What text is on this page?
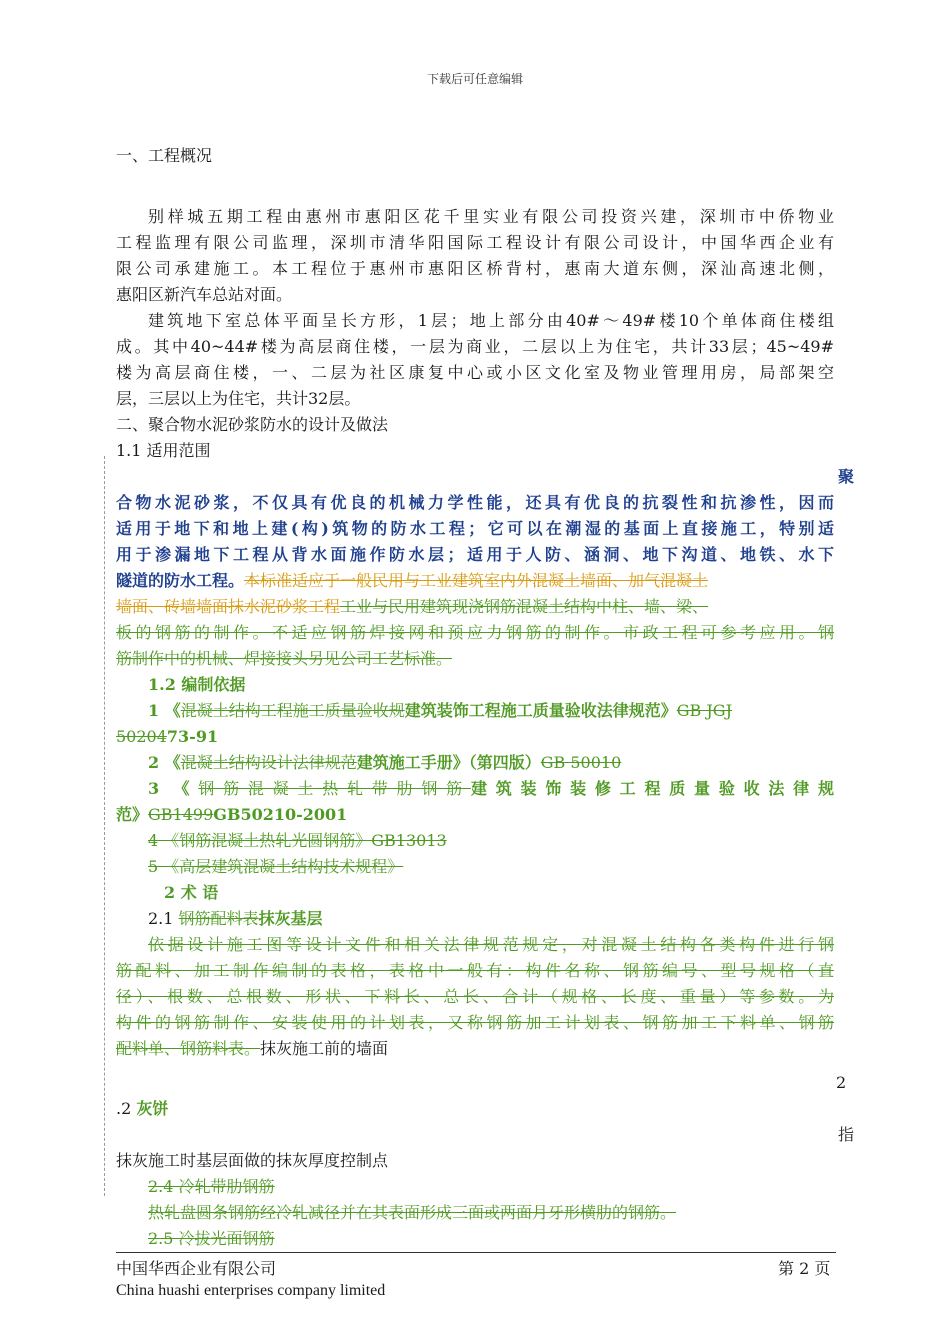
下载后可任意编辑
一、工程概况
别样城五期工程由惠州市惠阳区花千里实业有限公司投资兴建，深圳市中侨物业
工程监理有限公司监理，深圳市清华阳国际工程设计有限公司设计，中国华西企业有
限公司承建施工。本工程位于惠州市惠阳区桥背村，惠南大道东侧，深汕高速北侧，
惠阳区新汽车总站对面。
建筑地下室总体平面呈长方形，1层；地上部分由40#～49#楼10个单体商住楼组
成。其中40~44#楼为高层商住楼，一层为商业，二层以上为住宅，共计33层；45~49#
楼为高层商住楼，一、二层为社区康复中心或小区文化室及物业管理用房，局部架空
层，三层以上为住宅，共计32层。
二、聚合物水泥砂浆防水的设计及做法
1.1 适用范围
聚
合物水泥砂浆，不仅具有优良的机械力学性能，还具有优良的抗裂性和抗渗性，因而
适用于地下和地上建(构)筑物的防水工程；它可以在潮湿的基面上直接施工，特别适
用于渗漏地下工程从背水面施作防水层；适用于人防、涵洞、地下沟道、地铁、水下
隧道的防水工程。本标准适应于一般民用与工业建筑室内外混凝土墙面、加气混凝土
墙面、砖墙墙面抹水泥砂浆工程工业与民用建筑现浇钢筋混凝土结构中柱、墙、梁、
板的钢筋的制作。不适应钢筋焊接网和预应力钢筋的制作。市政工程可参考应用。钢
筋制作中的机械、焊接接头另见公司工艺标准。
1.2 编制依据
1 《混凝土结构工程施工质量验收规建筑装饰工程施工质量验收法律规范》GB JGJ
5020473-91
2 《混凝土结构设计法律规范建筑施工手册》（第四版）GB 50010
3 《钢筋混凝土热轧带肋钢筋建筑装饰装修工程质量验收法律规
范》GB1499GB50210-2001
4 《钢筋混凝土热轧光圆钢筋》GB13013
5 《高层建筑混凝土结构技术规程》
2 术 语
2.1 钢筋配料表抹灰基层
依据设计施工图等设计文件和相关法律规范规定，对混凝土结构各类构件进行钢
筋配料、加工制作编制的表格，表格中一般有：构件名称、钢筋编号、型号规格（直
径）、根数、总根数、形状、下料长、总长、合计（规格、长度、重量）等参数。为
构件的钢筋制作、安装使用的计划表，又称钢筋加工计划表、钢筋加工下料单、钢筋
配料单、钢筋料表。抹灰施工前的墙面
2
.2 灰饼
指
抹灰施工时基层面做的抹灰厚度控制点
2.4 冷轧带肋钢筋
热轧盘圆条钢筋经冷轧减径并在其表面形成三面或两面月牙形横肋的钢筋。
2.5 冷拔光面钢筋
中国华西企业有限公司	第 2 页
China huashi enterprises company limited
